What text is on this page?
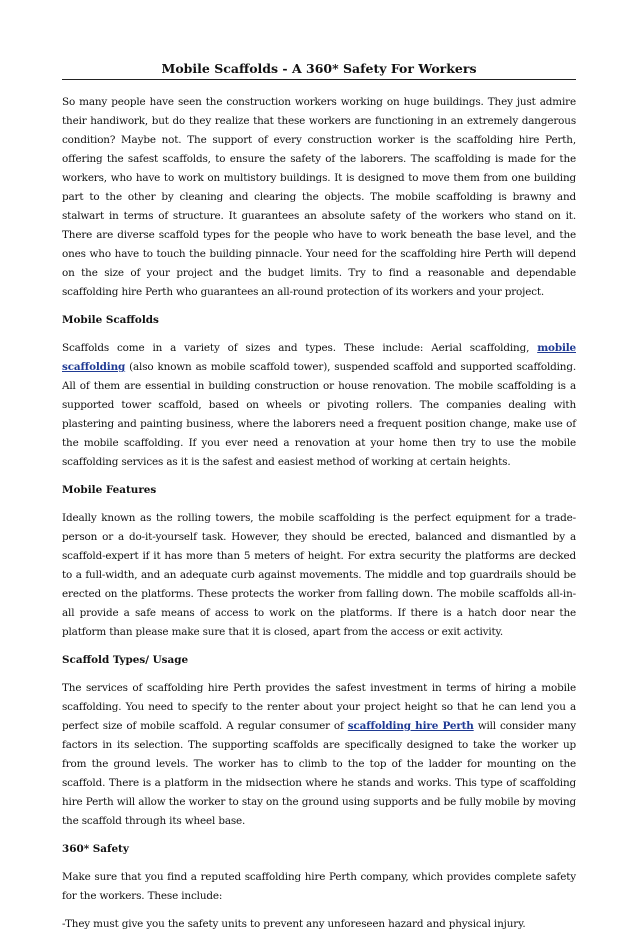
Mobile Scaffolds - A 360* Safety For Workers

So many people have seen the construction workers working on huge buildings. They just admire their handiwork, but do they realize that these workers are functioning in an extremely dangerous condition? Maybe not. The support of every construction worker is the scaffolding hire Perth, offering the safest scaffolds, to ensure the safety of the laborers. The scaffolding is made for the workers, who have to work on multistory buildings. It is designed to move them from one building part to the other by cleaning and clearing the objects. The mobile scaffolding is brawny and stalwart in terms of structure. It guarantees an absolute safety of the workers who stand on it. There are diverse scaffold types for the people who have to work beneath the base level, and the ones who have to touch the building pinnacle. Your need for the scaffolding hire Perth will depend on the size of your project and the budget limits. Try to find a reasonable and dependable scaffolding hire Perth who guarantees an all-round protection of its workers and your project.

Mobile Scaffolds

Scaffolds come in a variety of sizes and types. These include: Aerial scaffolding, mobile scaffolding (also known as mobile scaffold tower), suspended scaffold and supported scaffolding. All of them are essential in building construction or house renovation. The mobile scaffolding is a supported tower scaffold, based on wheels or pivoting rollers. The companies dealing with plastering and painting business, where the laborers need a frequent position change, make use of the mobile scaffolding. If you ever need a renovation at your home then try to use the mobile scaffolding services as it is the safest and easiest method of working at certain heights.

Mobile Features

Ideally known as the rolling towers, the mobile scaffolding is the perfect equipment for a trade-person or a do-it-yourself task. However, they should be erected, balanced and dismantled by a scaffold-expert if it has more than 5 meters of height. For extra security the platforms are decked to a full-width, and an adequate curb against movements. The middle and top guardrails should be erected on the platforms. These protects the worker from falling down. The mobile scaffolds all-in-all provide a safe means of access to work on the platforms. If there is a hatch door near the platform than please make sure that it is closed, apart from the access or exit activity.

Scaffold Types/ Usage

The services of scaffolding hire Perth provides the safest investment in terms of hiring a mobile scaffolding. You need to specify to the renter about your project height so that he can lend you a perfect size of mobile scaffold. A regular consumer of scaffolding hire Perth will consider many factors in its selection. The supporting scaffolds are specifically designed to take the worker up from the ground levels. The worker has to climb to the top of the ladder for mounting on the scaffold. There is a platform in the midsection where he stands and works. This type of scaffolding hire Perth will allow the worker to stay on the ground using supports and be fully mobile by moving the scaffold through its wheel base.

360* Safety

Make sure that you find a reputed scaffolding hire Perth company, which provides complete safety for the workers. These include:

-They must give you the safety units to prevent any unforeseen hazard and physical injury.
